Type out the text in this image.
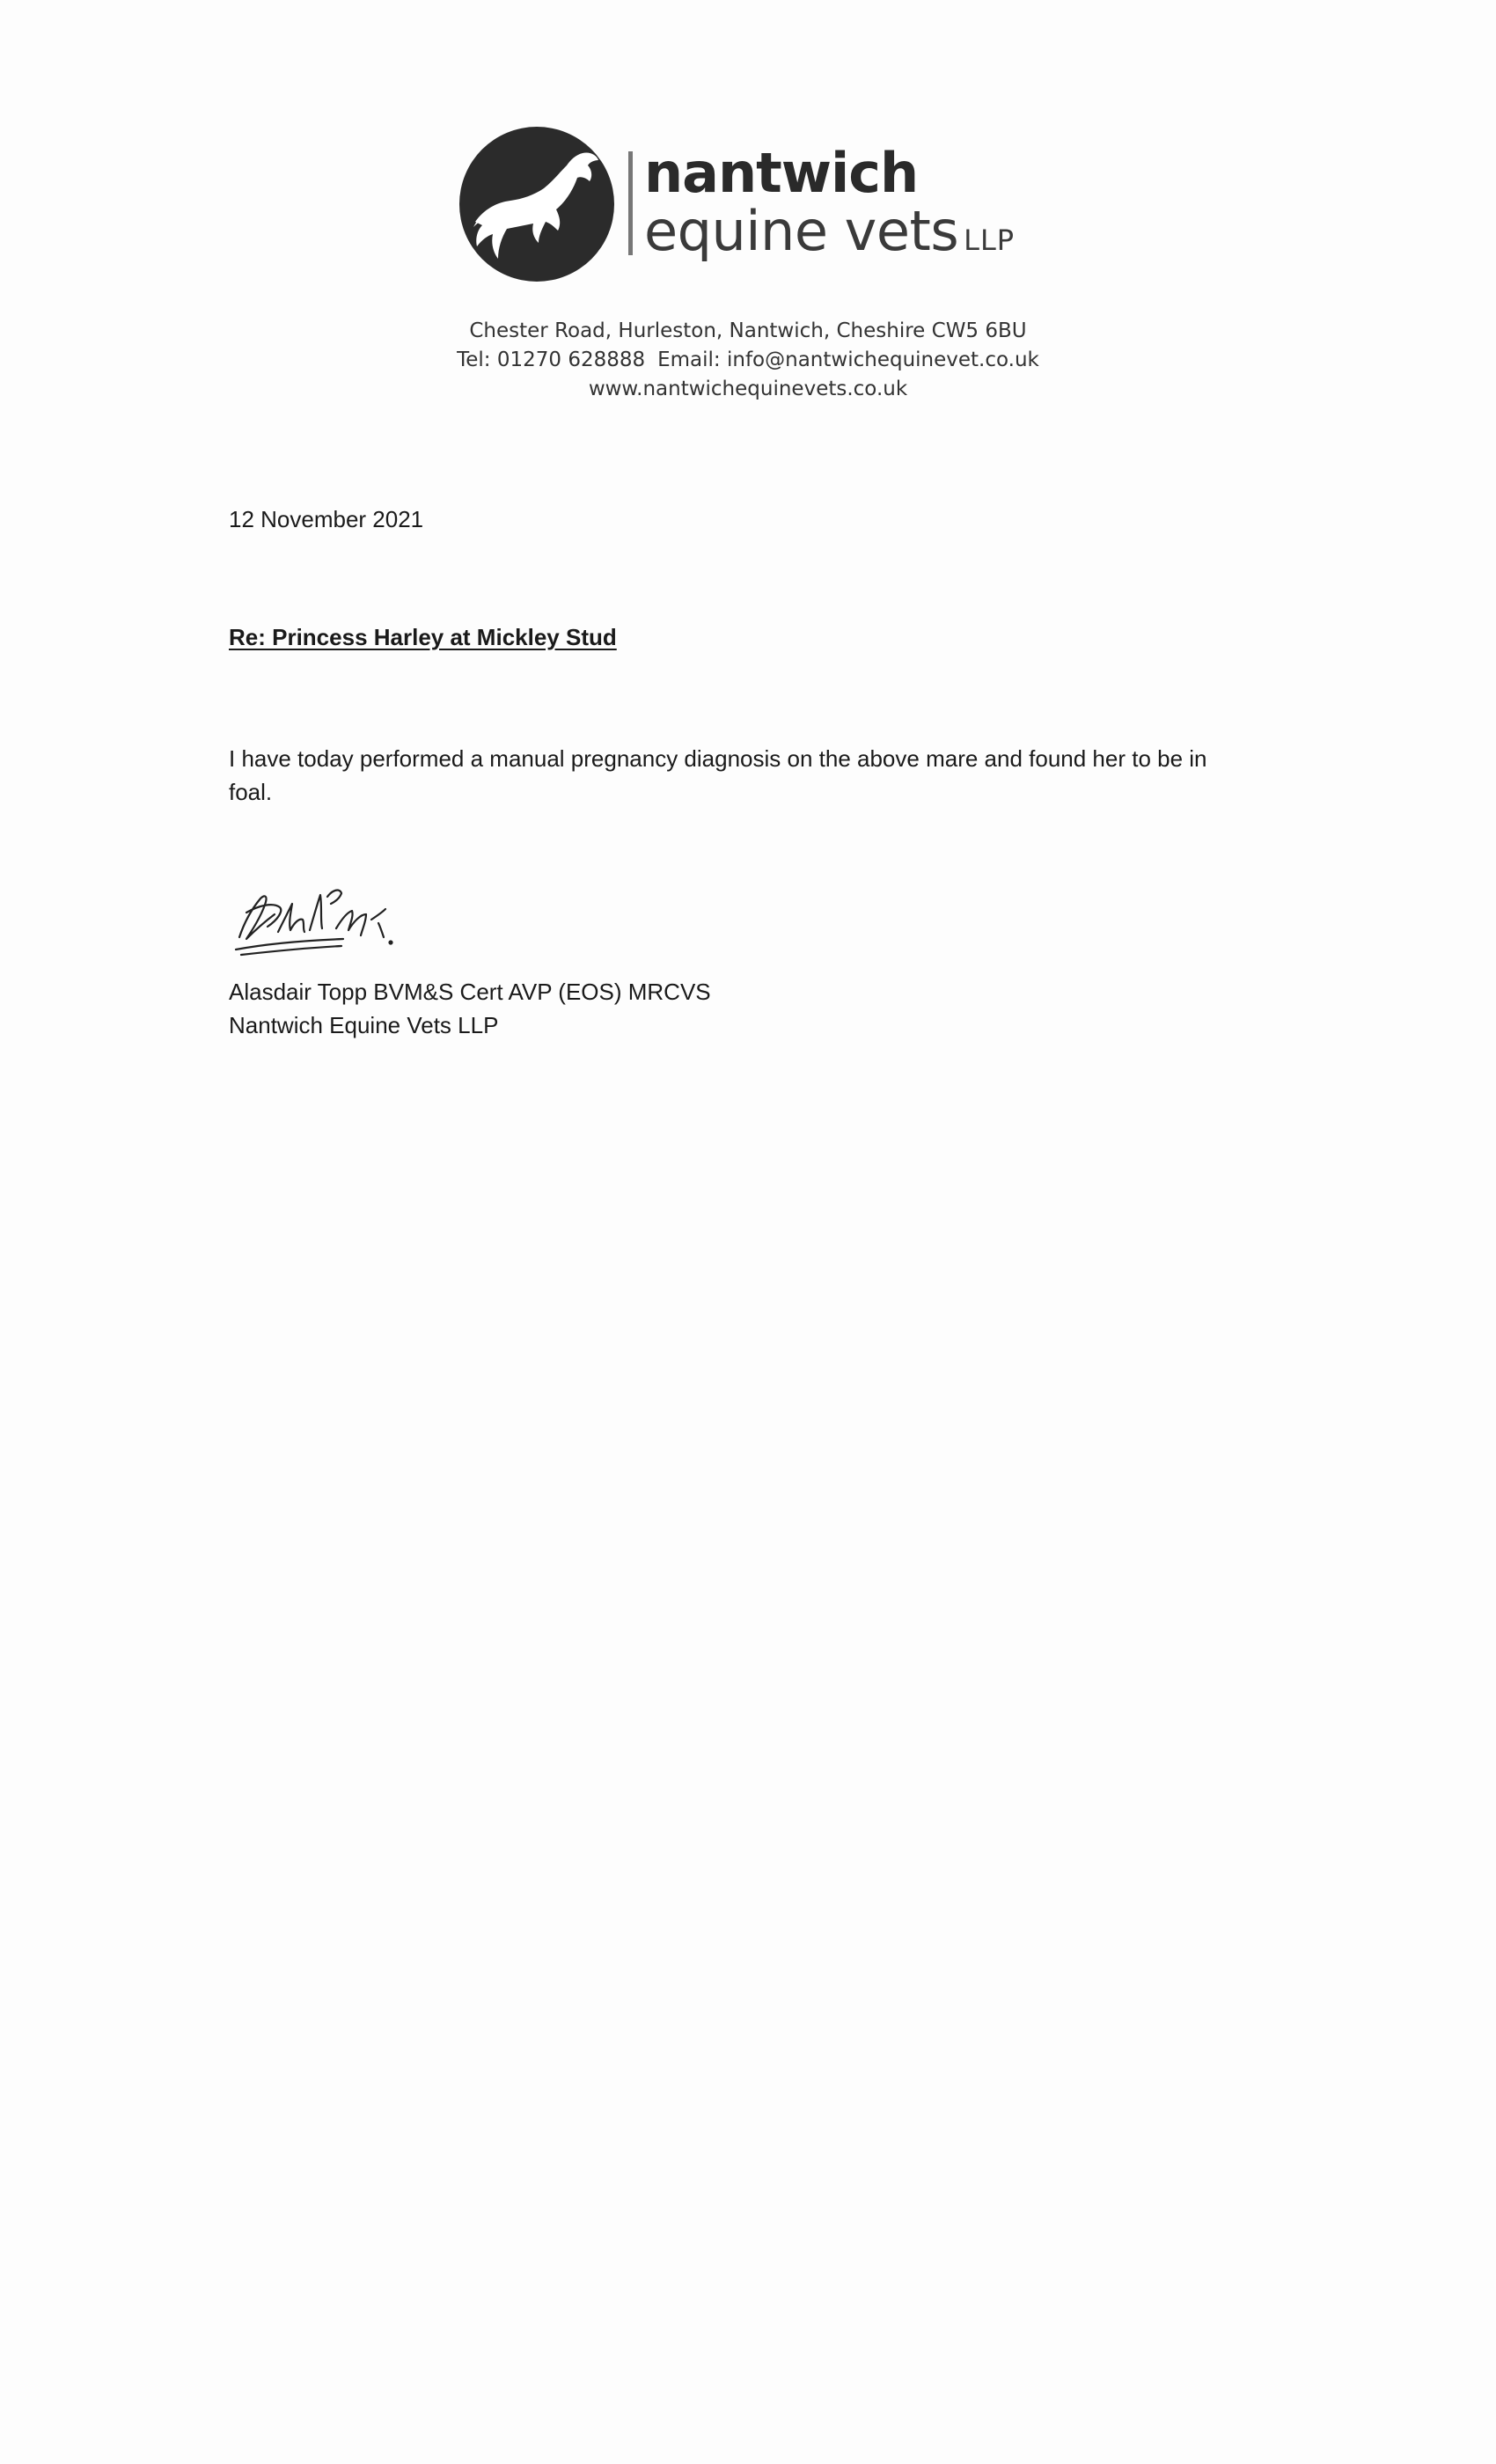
nantwich
equine vets LLP
Chester Road, Hurleston, Nantwich, Cheshire CW5 6BU
Tel: 01270 628888 Email: info@nantwichequinevet.co.uk
www.nantwichequinevets.co.uk
12 November 2021
Re: Princess Harley at Mickley Stud
I have today performed a manual pregnancy diagnosis on the above mare and found her to be in foal.
Alasdair Topp BVM&S Cert AVP (EOS) MRCVS
Nantwich Equine Vets LLP
